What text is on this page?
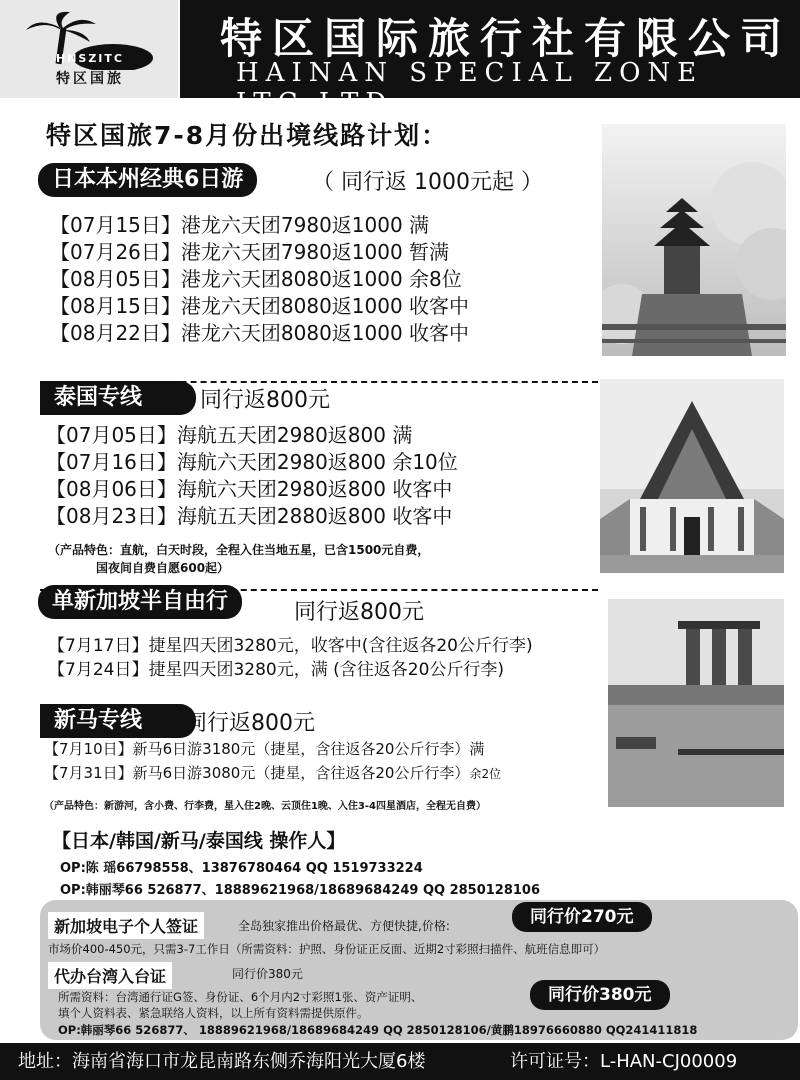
HNSZITC
特区国旅
特区国际旅行社有限公司
HAINAN SPECIAL ZONE ITC.LTD
特区国旅7-8月份出境线路计划：
日本本州经典6日游	（ 同行返 1000元起 ）
【07月15日】港龙六天团7980返1000 满
【07月26日】港龙六天团7980返1000 暂满
【08月05日】港龙六天团8080返1000 余8位
【08月15日】港龙六天团8080返1000 收客中
【08月22日】港龙六天团8080返1000 收客中
泰国专线	同行返800元
【07月05日】海航五天团2980返800 满
【07月16日】海航六天团2980返800 余10位
【08月06日】海航六天团2980返800 收客中
【08月23日】海航五天团2880返800 收客中
（产品特色：直航，白天时段，全程入住当地五星，已含1500元自费，
国夜间自费自愿600起）
单新加坡半自由行	同行返800元
【7月17日】捷星四天团3280元，收客中(含往返各20公斤行李)
【7月24日】捷星四天团3280元，满 (含往返各20公斤行李)
新马专线	同行返800元
【7月10日】新马6日游3180元（捷星，含往返各20公斤行李）满
【7月31日】新马6日游3080元（捷星，含往返各20公斤行李）余2位
（产品特色：新游河，含小费、行李费，星入住2晚、云顶住1晚、入住3-4四星酒店，全程无自费）
【日本/韩国/新马/泰国线 操作人】
OP:陈 瑶66798558、13876780464 QQ 1519733224
OP:韩丽琴66 526877、18889621968/18689684249 QQ 2850128106
新加坡电子个人签证	全岛独家推出价格最优、方便快捷,价格:	同行价270元
市场价400-450元，只需3-7工作日（所需资料：护照、身份证正反面、近期2寸彩照扫描件、航班信息即可）
代办台湾入台证	同行价380元
所需资料：台湾通行证G签、身份证、6个月内2寸彩照1张、资产证明、
填个人资料表、紧急联络人资料，以上所有资料需提供原件。
同行价380元
OP:韩丽琴66 526877、 18889621968/18689684249 QQ 2850128106/黄鹏18976660880 QQ241411818
地址：海南省海口市龙昆南路东侧乔海阳光大厦6楼	许可证号：L-HAN-CJ00009
